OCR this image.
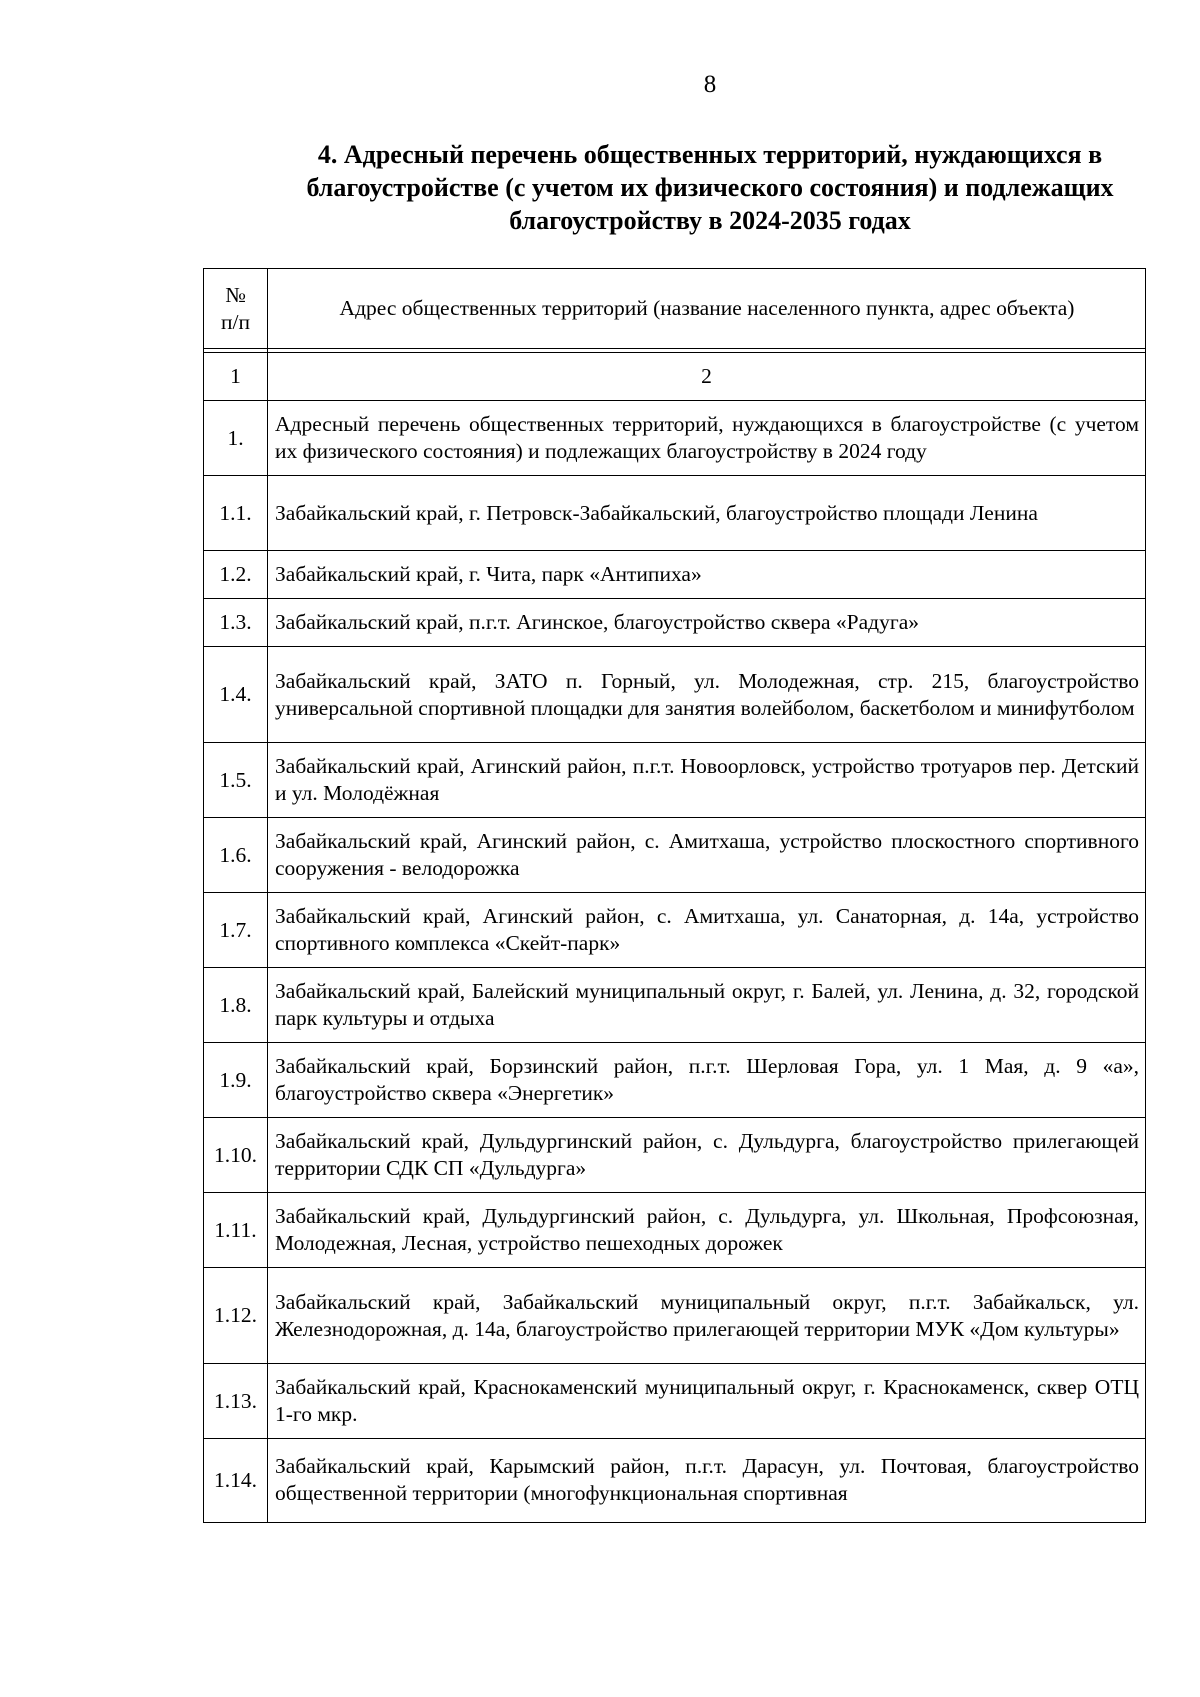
8
4. Адресный перечень общественных территорий, нуждающихся в
благоустройстве (с учетом их физического состояния) и подлежащих
благоустройству в 2024-2035 годах
№ п/п	Адрес общественных территорий (название населенного пункта, адрес объекта)

1	2
1.	Адресный перечень общественных территорий, нуждающихся в благоустройстве (с учетом их физического состояния) и подлежащих благоустройству в 2024 году
1.1.	Забайкальский край, г. Петровск-Забайкальский, благоустройство площади Ленина
1.2.	Забайкальский край, г. Чита, парк «Антипиха»
1.3.	Забайкальский край, п.г.т. Агинское, благоустройство сквера «Радуга»
1.4.	Забайкальский край, ЗАТО п. Горный, ул. Молодежная, стр. 215, благоустройство универсальной спортивной площадки для занятия волейболом, баскетболом и минифутболом
1.5.	Забайкальский край, Агинский район, п.г.т. Новоорловск, устройство тротуаров пер. Детский и ул. Молодёжная
1.6.	Забайкальский край, Агинский район, с. Амитхаша, устройство плоскостного спортивного сооружения - велодорожка
1.7.	Забайкальский край, Агинский район, с. Амитхаша, ул. Санаторная, д. 14а, устройство спортивного комплекса «Скейт-парк»
1.8.	Забайкальский край, Балейский муниципальный округ, г. Балей, ул. Ленина, д. 32, городской парк культуры и отдыха
1.9.	Забайкальский край, Борзинский район, п.г.т. Шерловая Гора, ул. 1 Мая, д. 9 «а», благоустройство сквера «Энергетик»
1.10.	Забайкальский край, Дульдургинский район, с. Дульдурга, благоустройство прилегающей территории СДК СП «Дульдурга»
1.11.	Забайкальский край, Дульдургинский район, с. Дульдурга, ул. Школьная, Профсоюзная, Молодежная, Лесная, устройство пешеходных дорожек
1.12.	Забайкальский край, Забайкальский муниципальный округ, п.г.т. Забайкальск, ул. Железнодорожная, д. 14а, благоустройство прилегающей территории МУК «Дом культуры»
1.13.	Забайкальский край, Краснокаменский муниципальный округ, г. Краснокаменск, сквер ОТЦ 1-го мкр.
1.14.	Забайкальский край, Карымский район, п.г.т. Дарасун, ул. Почтовая, благоустройство общественной территории (многофункциональная спортивная
